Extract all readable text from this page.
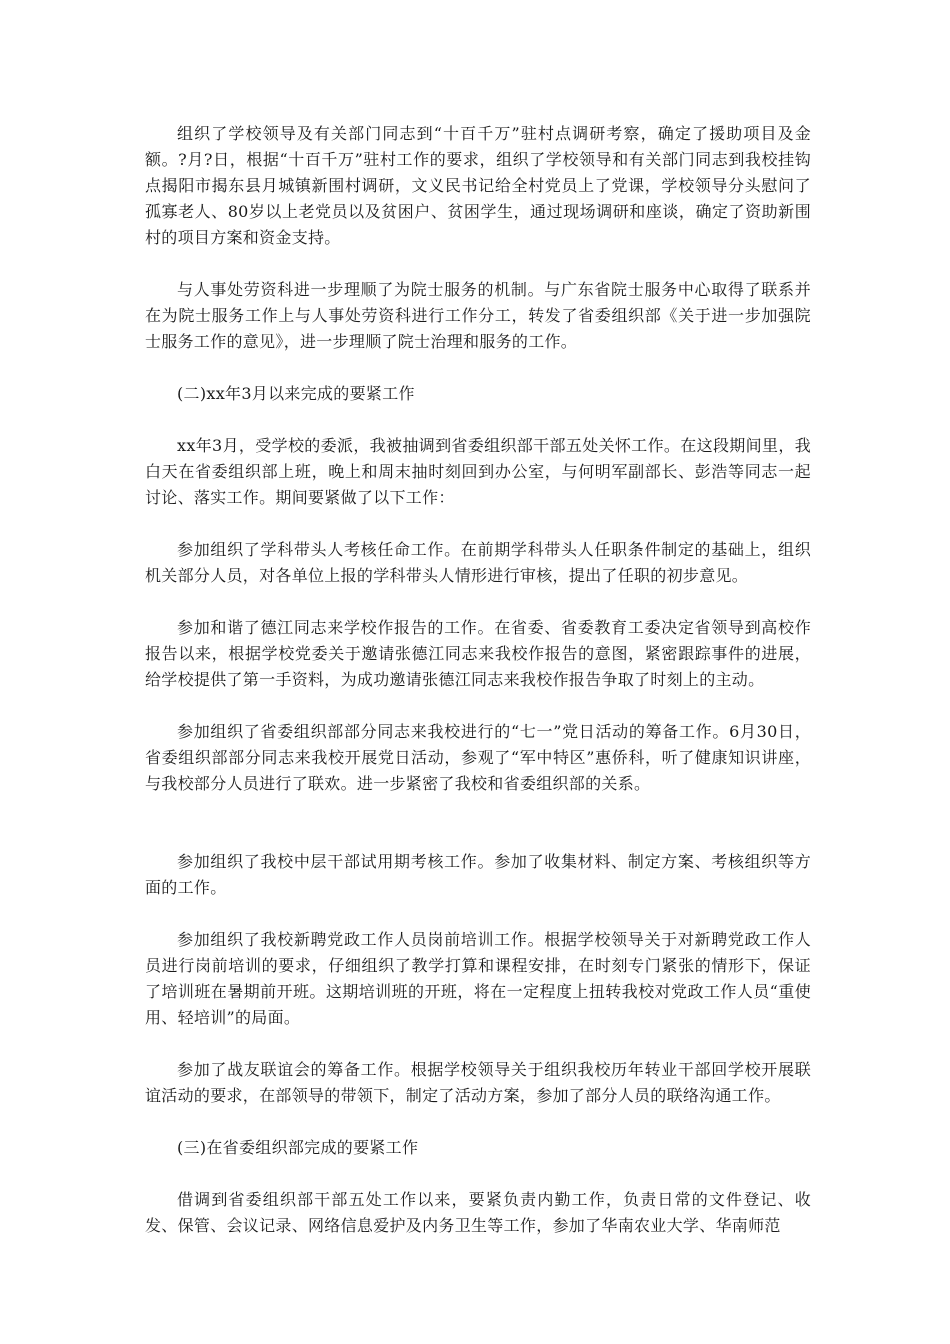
组织了学校领导及有关部门同志到“十百千万”驻村点调研考察，确定了援助项目及金额。?月?日，根据“十百千万”驻村工作的要求，组织了学校领导和有关部门同志到我校挂钩点揭阳市揭东县月城镇新围村调研，文义民书记给全村党员上了党课，学校领导分头慰问了孤寡老人、80岁以上老党员以及贫困户、贫困学生，通过现场调研和座谈，确定了资助新围村的项目方案和资金支持。

与人事处劳资科进一步理顺了为院士服务的机制。与广东省院士服务中心取得了联系并在为院士服务工作上与人事处劳资科进行工作分工，转发了省委组织部《关于进一步加强院士服务工作的意见》，进一步理顺了院士治理和服务的工作。

(二)xx年3月以来完成的要紧工作

xx年3月，受学校的委派，我被抽调到省委组织部干部五处关怀工作。在这段期间里，我白天在省委组织部上班，晚上和周末抽时刻回到办公室，与何明军副部长、彭浩等同志一起讨论、落实工作。期间要紧做了以下工作：

参加组织了学科带头人考核任命工作。在前期学科带头人任职条件制定的基础上，组织机关部分人员，对各单位上报的学科带头人情形进行审核，提出了任职的初步意见。

参加和谐了德江同志来学校作报告的工作。在省委、省委教育工委决定省领导到高校作报告以来，根据学校党委关于邀请张德江同志来我校作报告的意图，紧密跟踪事件的进展，给学校提供了第一手资料，为成功邀请张德江同志来我校作报告争取了时刻上的主动。

参加组织了省委组织部部分同志来我校进行的“七一”党日活动的筹备工作。6月30日，省委组织部部分同志来我校开展党日活动，参观了“军中特区”惠侨科，听了健康知识讲座，与我校部分人员进行了联欢。进一步紧密了我校和省委组织部的关系。

参加组织了我校中层干部试用期考核工作。参加了收集材料、制定方案、考核组织等方面的工作。

参加组织了我校新聘党政工作人员岗前培训工作。根据学校领导关于对新聘党政工作人员进行岗前培训的要求，仔细组织了教学打算和课程安排，在时刻专门紧张的情形下，保证了培训班在暑期前开班。这期培训班的开班，将在一定程度上扭转我校对党政工作人员“重使用、轻培训”的局面。

参加了战友联谊会的筹备工作。根据学校领导关于组织我校历年转业干部回学校开展联谊活动的要求，在部领导的带领下，制定了活动方案，参加了部分人员的联络沟通工作。

(三)在省委组织部完成的要紧工作

借调到省委组织部干部五处工作以来，要紧负责内勤工作，负责日常的文件登记、收发、保管、会议记录、网络信息爱护及内务卫生等工作，参加了华南农业大学、华南师范
